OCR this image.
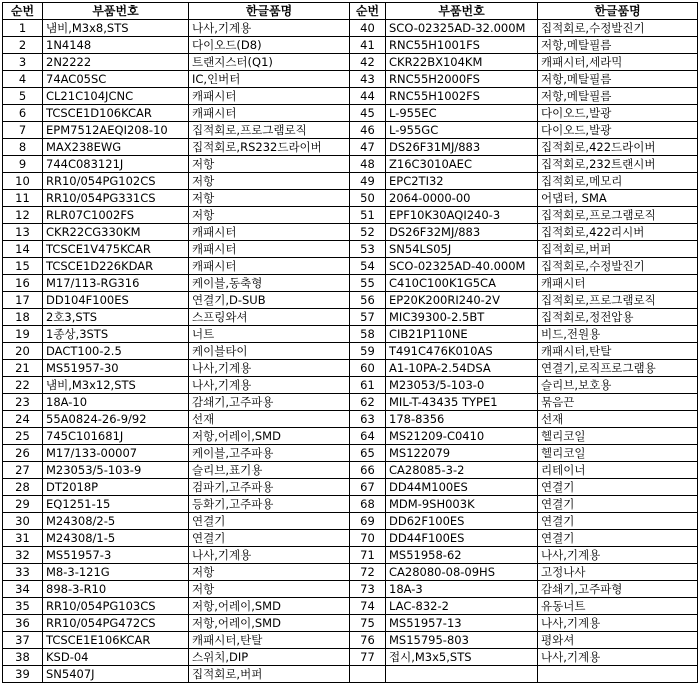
순번	부품번호	한글품명	순번	부품번호	한글품명
1	냄비,M3x8,STS	나사,기계용	40	SCO-02325AD-32.000M	집적회로,수정발진기
2	1N4148	다이오드(D8)	41	RNC55H1001FS	저항,메탈필름
3	2N2222	트랜지스터(Q1)	42	CKR22BX104KM	캐패시터,세라믹
4	74AC05SC	IC,인버터	43	RNC55H2000FS	저항,메탈필름
5	CL21C104JCNC	캐패시터	44	RNC55H1002FS	저항,메탈필름
6	TCSCE1D106KCAR	캐패시터	45	L-955EC	다이오드,발광
7	EPM7512AEQI208-10	집적회로,프로그램로직	46	L-955GC	다이오드,발광
8	MAX238EWG	집적회로,RS232드라이버	47	DS26F31MJ/883	집적회로,422드라이버
9	744C083121J	저항	48	Z16C3010AEC	집적회로,232트랜시버
10	RR10/054PG102CS	저항	49	EPC2TI32	집적회로,메모리
11	RR10/054PG331CS	저항	50	2064-0000-00	어댑터, SMA
12	RLR07C1002FS	저항	51	EPF10K30AQI240-3	집적회로,프로그램로직
13	CKR22CG330KM	캐패시터	52	DS26F32MJ/883	집적회로,422리시버
14	TCSCE1V475KCAR	캐패시터	53	SN54LS05J	집적회로,버퍼
15	TCSCE1D226KDAR	캐패시터	54	SCO-02325AD-40.000M	집적회로,수정발진기
16	M17/113-RG316	케이블,동축형	55	C410C100K1G5CA	캐패시터
17	DD104F100ES	연결기,D-SUB	56	EP20K200RI240-2V	집적회로,프로그램로직
18	2호3,STS	스프링와셔	57	MIC39300-2.5BT	집적회로,정전압용
19	1종상,3STS	너트	58	CIB21P110NE	비드,전원용
20	DACT100-2.5	케이블타이	59	T491C476K010AS	캐패시터,탄탈
21	MS51957-30	나사,기계용	60	A1-10PA-2.54DSA	연결기,로직프로그램용
22	냄비,M3x12,STS	나사,기계용	61	M23053/5-103-0	슬리브,보호용
23	18A-10	감쇄기,고주파용	62	MIL-T-43435 TYPE1	묶음끈
24	55A0824-26-9/92	선재	63	178-8356	선재
25	745C101681J	저항,어레이,SMD	64	MS21209-C0410	헬리코일
26	M17/133-00007	케이블,고주파용	65	MS122079	헬리코일
27	M23053/5-103-9	슬리브,표기용	66	CA28085-3-2	리테이너
28	DT2018P	검파기,고주파용	67	DD44M100ES	연결기
29	EQ1251-15	등화기,고주파용	68	MDM-9SH003K	연결기
30	M24308/2-5	연결기	69	DD62F100ES	연결기
31	M24308/1-5	연결기	70	DD44F100ES	연결기
32	MS51957-3	나사,기계용	71	MS51958-62	나사,기계용
33	M8-3-121G	저항	72	CA28080-08-09HS	고정나사
34	898-3-R10	저항	73	18A-3	감쇄기,고주파형
35	RR10/054PG103CS	저항,어레이,SMD	74	LAC-832-2	유동너트
36	RR10/054PG472CS	저항,어레이,SMD	75	MS51957-13	나사,기계용
37	TCSCE1E106KCAR	캐패시터,탄탈	76	MS15795-803	평와셔
38	KSD-04	스위치,DIP	77	접시,M3x5,STS	나사,기계용
39	SN5407J	집적회로,버퍼			
